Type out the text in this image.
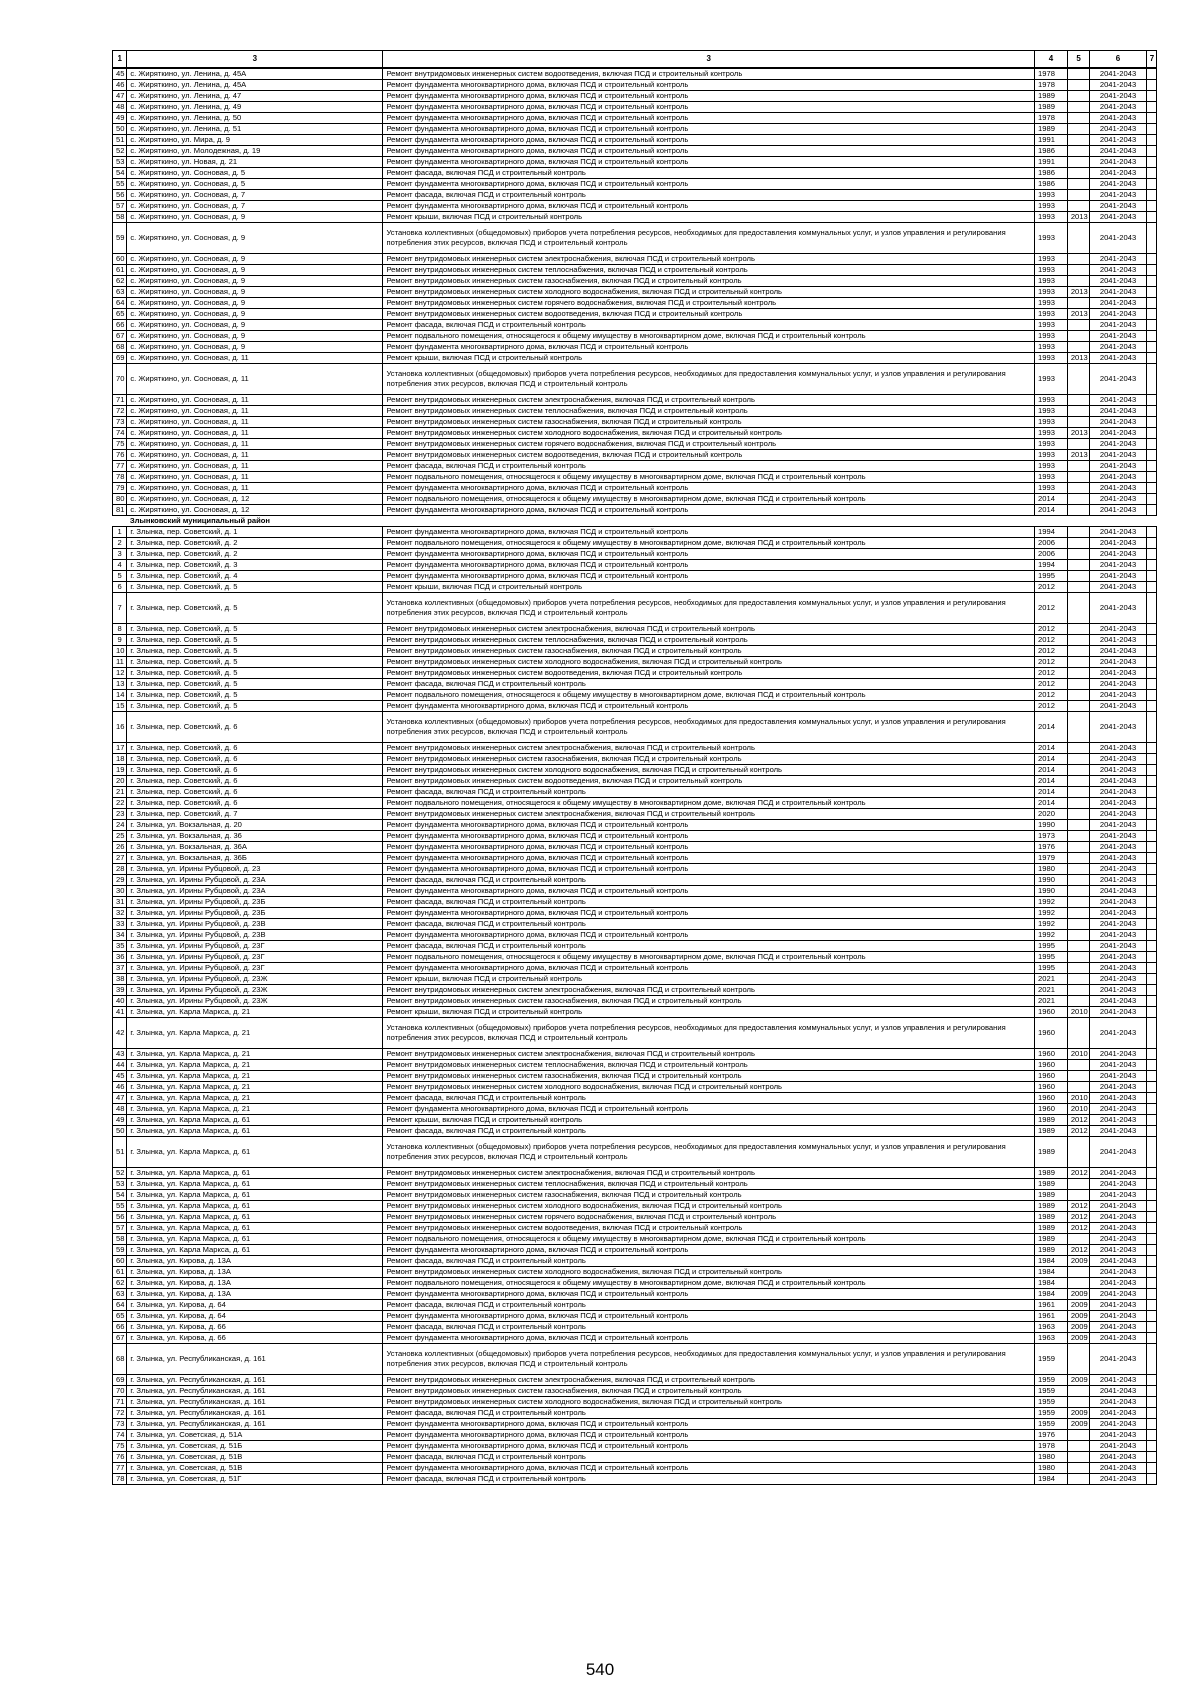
1	3	3	4	5	6	7
45	с. Жиряткино, ул. Ленина, д. 45А	Ремонт внутридомовых инженерных систем водоотведения, включая ПСД и строительный контроль	1978		2041-2043	
46	с. Жиряткино, ул. Ленина, д. 45А	Ремонт фундамента многоквартирного дома, включая ПСД и строительный контроль	1978		2041-2043	
47	с. Жиряткино, ул. Ленина, д. 47	Ремонт фундамента многоквартирного дома, включая ПСД и строительный контроль	1989		2041-2043	
48	с. Жиряткино, ул. Ленина, д. 49	Ремонт фундамента многоквартирного дома, включая ПСД и строительный контроль	1989		2041-2043	
49	с. Жиряткино, ул. Ленина, д. 50	Ремонт фундамента многоквартирного дома, включая ПСД и строительный контроль	1978		2041-2043	
50	с. Жиряткино, ул. Ленина, д. 51	Ремонт фундамента многоквартирного дома, включая ПСД и строительный контроль	1989		2041-2043	
51	с. Жиряткино, ул. Мира, д. 9	Ремонт фундамента многоквартирного дома, включая ПСД и строительный контроль	1991		2041-2043	
52	с. Жиряткино, ул. Молодежная, д. 19	Ремонт фундамента многоквартирного дома, включая ПСД и строительный контроль	1986		2041-2043	
53	с. Жиряткино, ул. Новая, д. 21	Ремонт фундамента многоквартирного дома, включая ПСД и строительный контроль	1991		2041-2043	
54	с. Жиряткино, ул. Сосновая, д. 5	Ремонт фасада, включая ПСД и строительный контроль	1986		2041-2043	
55	с. Жиряткино, ул. Сосновая, д. 5	Ремонт фундамента многоквартирного дома, включая ПСД и строительный контроль	1986		2041-2043	
56	с. Жиряткино, ул. Сосновая, д. 7	Ремонт фасада, включая ПСД и строительный контроль	1993		2041-2043	
57	с. Жиряткино, ул. Сосновая, д. 7	Ремонт фундамента многоквартирного дома, включая ПСД и строительный контроль	1993		2041-2043	
58	с. Жиряткино, ул. Сосновая, д. 9	Ремонт крыши, включая ПСД и строительный контроль	1993	2013	2041-2043	
59	с. Жиряткино, ул. Сосновая, д. 9	Установка коллективных (общедомовых) приборов учета потребления ресурсов, необходимых для предоставления коммунальных услуг, и узлов управления и регулирования потребления этих ресурсов, включая ПСД и строительный контроль	1993		2041-2043	
60	с. Жиряткино, ул. Сосновая, д. 9	Ремонт внутридомовых инженерных систем электроснабжения, включая ПСД и строительный контроль	1993		2041-2043	
61	с. Жиряткино, ул. Сосновая, д. 9	Ремонт внутридомовых инженерных систем теплоснабжения, включая ПСД и строительный контроль	1993		2041-2043	
62	с. Жиряткино, ул. Сосновая, д. 9	Ремонт внутридомовых инженерных систем газоснабжения, включая ПСД и строительный контроль	1993		2041-2043	
63	с. Жиряткино, ул. Сосновая, д. 9	Ремонт внутридомовых инженерных систем холодного водоснабжения, включая ПСД и строительный контроль	1993	2013	2041-2043	
64	с. Жиряткино, ул. Сосновая, д. 9	Ремонт внутридомовых инженерных систем горячего водоснабжения, включая ПСД и строительный контроль	1993		2041-2043	
65	с. Жиряткино, ул. Сосновая, д. 9	Ремонт внутридомовых инженерных систем водоотведения, включая ПСД и строительный контроль	1993	2013	2041-2043	
66	с. Жиряткино, ул. Сосновая, д. 9	Ремонт фасада, включая ПСД и строительный контроль	1993		2041-2043	
67	с. Жиряткино, ул. Сосновая, д. 9	Ремонт подвального помещения, относящегося к общему имуществу в многоквартирном доме, включая ПСД и строительный контроль	1993		2041-2043	
68	с. Жиряткино, ул. Сосновая, д. 9	Ремонт фундамента многоквартирного дома, включая ПСД и строительный контроль	1993		2041-2043	
69	с. Жиряткино, ул. Сосновая, д. 11	Ремонт крыши, включая ПСД и строительный контроль	1993	2013	2041-2043	
70	с. Жиряткино, ул. Сосновая, д. 11	Установка коллективных (общедомовых) приборов учета потребления ресурсов, необходимых для предоставления коммунальных услуг, и узлов управления и регулирования потребления этих ресурсов, включая ПСД и строительный контроль	1993		2041-2043	
71	с. Жиряткино, ул. Сосновая, д. 11	Ремонт внутридомовых инженерных систем электроснабжения, включая ПСД и строительный контроль	1993		2041-2043	
72	с. Жиряткино, ул. Сосновая, д. 11	Ремонт внутридомовых инженерных систем теплоснабжения, включая ПСД и строительный контроль	1993		2041-2043	
73	с. Жиряткино, ул. Сосновая, д. 11	Ремонт внутридомовых инженерных систем газоснабжения, включая ПСД и строительный контроль	1993		2041-2043	
74	с. Жиряткино, ул. Сосновая, д. 11	Ремонт внутридомовых инженерных систем холодного водоснабжения, включая ПСД и строительный контроль	1993	2013	2041-2043	
75	с. Жиряткино, ул. Сосновая, д. 11	Ремонт внутридомовых инженерных систем горячего водоснабжения, включая ПСД и строительный контроль	1993		2041-2043	
76	с. Жиряткино, ул. Сосновая, д. 11	Ремонт внутридомовых инженерных систем водоотведения, включая ПСД и строительный контроль	1993	2013	2041-2043	
77	с. Жиряткино, ул. Сосновая, д. 11	Ремонт фасада, включая ПСД и строительный контроль	1993		2041-2043	
78	с. Жиряткино, ул. Сосновая, д. 11	Ремонт подвального помещения, относящегося к общему имуществу в многоквартирном доме, включая ПСД и строительный контроль	1993		2041-2043	
79	с. Жиряткино, ул. Сосновая, д. 11	Ремонт фундамента многоквартирного дома, включая ПСД и строительный контроль	1993		2041-2043	
80	с. Жиряткино, ул. Сосновая, д. 12	Ремонт подвального помещения, относящегося к общему имуществу в многоквартирном доме, включая ПСД и строительный контроль	2014		2041-2043	
81	с. Жиряткино, ул. Сосновая, д. 12	Ремонт фундамента многоквартирного дома, включая ПСД и строительный контроль	2014		2041-2043	
	Злынковский муниципальный район					
1	г. Злынка, пер. Советский, д. 1	Ремонт фундамента многоквартирного дома, включая ПСД и строительный контроль	1994		2041-2043	
2	г. Злынка, пер. Советский, д. 2	Ремонт подвального помещения, относящегося к общему имуществу в многоквартирном доме, включая ПСД и строительный контроль	2006		2041-2043	
3	г. Злынка, пер. Советский, д. 2	Ремонт фундамента многоквартирного дома, включая ПСД и строительный контроль	2006		2041-2043	
4	г. Злынка, пер. Советский, д. 3	Ремонт фундамента многоквартирного дома, включая ПСД и строительный контроль	1994		2041-2043	
5	г. Злынка, пер. Советский, д. 4	Ремонт фундамента многоквартирного дома, включая ПСД и строительный контроль	1995		2041-2043	
6	г. Злынка, пер. Советский, д. 5	Ремонт крыши, включая ПСД и строительный контроль	2012		2041-2043	
7	г. Злынка, пер. Советский, д. 5	Установка коллективных (общедомовых) приборов учета потребления ресурсов, необходимых для предоставления коммунальных услуг, и узлов управления и регулирования потребления этих ресурсов, включая ПСД и строительный контроль	2012		2041-2043	
8	г. Злынка, пер. Советский, д. 5	Ремонт внутридомовых инженерных систем электроснабжения, включая ПСД и строительный контроль	2012		2041-2043	
9	г. Злынка, пер. Советский, д. 5	Ремонт внутридомовых инженерных систем теплоснабжения, включая ПСД и строительный контроль	2012		2041-2043	
10	г. Злынка, пер. Советский, д. 5	Ремонт внутридомовых инженерных систем газоснабжения, включая ПСД и строительный контроль	2012		2041-2043	
11	г. Злынка, пер. Советский, д. 5	Ремонт внутридомовых инженерных систем холодного водоснабжения, включая ПСД и строительный контроль	2012		2041-2043	
12	г. Злынка, пер. Советский, д. 5	Ремонт внутридомовых инженерных систем водоотведения, включая ПСД и строительный контроль	2012		2041-2043	
13	г. Злынка, пер. Советский, д. 5	Ремонт фасада, включая ПСД и строительный контроль	2012		2041-2043	
14	г. Злынка, пер. Советский, д. 5	Ремонт подвального помещения, относящегося к общему имуществу в многоквартирном доме, включая ПСД и строительный контроль	2012		2041-2043	
15	г. Злынка, пер. Советский, д. 5	Ремонт фундамента многоквартирного дома, включая ПСД и строительный контроль	2012		2041-2043	
16	г. Злынка, пер. Советский, д. 6	Установка коллективных (общедомовых) приборов учета потребления ресурсов, необходимых для предоставления коммунальных услуг, и узлов управления и регулирования потребления этих ресурсов, включая ПСД и строительный контроль	2014		2041-2043	
17	г. Злынка, пер. Советский, д. 6	Ремонт внутридомовых инженерных систем электроснабжения, включая ПСД и строительный контроль	2014		2041-2043	
18	г. Злынка, пер. Советский, д. 6	Ремонт внутридомовых инженерных систем газоснабжения, включая ПСД и строительный контроль	2014		2041-2043	
19	г. Злынка, пер. Советский, д. 6	Ремонт внутридомовых инженерных систем холодного водоснабжения, включая ПСД и строительный контроль	2014		2041-2043	
20	г. Злынка, пер. Советский, д. 6	Ремонт внутридомовых инженерных систем водоотведения, включая ПСД и строительный контроль	2014		2041-2043	
21	г. Злынка, пер. Советский, д. 6	Ремонт фасада, включая ПСД и строительный контроль	2014		2041-2043	
22	г. Злынка, пер. Советский, д. 6	Ремонт подвального помещения, относящегося к общему имуществу в многоквартирном доме, включая ПСД и строительный контроль	2014		2041-2043	
23	г. Злынка, пер. Советский, д. 7	Ремонт внутридомовых инженерных систем электроснабжения, включая ПСД и строительный контроль	2020		2041-2043	
24	г. Злынка, ул. Вокзальная, д. 20	Ремонт фундамента многоквартирного дома, включая ПСД и строительный контроль	1990		2041-2043	
25	г. Злынка, ул. Вокзальная, д. 36	Ремонт фундамента многоквартирного дома, включая ПСД и строительный контроль	1973		2041-2043	
26	г. Злынка, ул. Вокзальная, д. 36А	Ремонт фундамента многоквартирного дома, включая ПСД и строительный контроль	1976		2041-2043	
27	г. Злынка, ул. Вокзальная, д. 36Б	Ремонт фундамента многоквартирного дома, включая ПСД и строительный контроль	1979		2041-2043	
28	г. Злынка, ул. Ирины Рубцовой, д. 23	Ремонт фундамента многоквартирного дома, включая ПСД и строительный контроль	1980		2041-2043	
29	г. Злынка, ул. Ирины Рубцовой, д. 23А	Ремонт фасада, включая ПСД и строительный контроль	1990		2041-2043	
30	г. Злынка, ул. Ирины Рубцовой, д. 23А	Ремонт фундамента многоквартирного дома, включая ПСД и строительный контроль	1990		2041-2043	
31	г. Злынка, ул. Ирины Рубцовой, д. 23Б	Ремонт фасада, включая ПСД и строительный контроль	1992		2041-2043	
32	г. Злынка, ул. Ирины Рубцовой, д. 23Б	Ремонт фундамента многоквартирного дома, включая ПСД и строительный контроль	1992		2041-2043	
33	г. Злынка, ул. Ирины Рубцовой, д. 23В	Ремонт фасада, включая ПСД и строительный контроль	1992		2041-2043	
34	г. Злынка, ул. Ирины Рубцовой, д. 23В	Ремонт фундамента многоквартирного дома, включая ПСД и строительный контроль	1992		2041-2043	
35	г. Злынка, ул. Ирины Рубцовой, д. 23Г	Ремонт фасада, включая ПСД и строительный контроль	1995		2041-2043	
36	г. Злынка, ул. Ирины Рубцовой, д. 23Г	Ремонт подвального помещения, относящегося к общему имуществу в многоквартирном доме, включая ПСД и строительный контроль	1995		2041-2043	
37	г. Злынка, ул. Ирины Рубцовой, д. 23Г	Ремонт фундамента многоквартирного дома, включая ПСД и строительный контроль	1995		2041-2043	
38	г. Злынка, ул. Ирины Рубцовой, д. 23Ж	Ремонт крыши, включая ПСД и строительный контроль	2021		2041-2043	
39	г. Злынка, ул. Ирины Рубцовой, д. 23Ж	Ремонт внутридомовых инженерных систем электроснабжения, включая ПСД и строительный контроль	2021		2041-2043	
40	г. Злынка, ул. Ирины Рубцовой, д. 23Ж	Ремонт внутридомовых инженерных систем газоснабжения, включая ПСД и строительный контроль	2021		2041-2043	
41	г. Злынка, ул. Карла Маркса, д. 21	Ремонт крыши, включая ПСД и строительный контроль	1960	2010	2041-2043	
42	г. Злынка, ул. Карла Маркса, д. 21	Установка коллективных (общедомовых) приборов учета потребления ресурсов, необходимых для предоставления коммунальных услуг, и узлов управления и регулирования потребления этих ресурсов, включая ПСД и строительный контроль	1960		2041-2043	
43	г. Злынка, ул. Карла Маркса, д. 21	Ремонт внутридомовых инженерных систем электроснабжения, включая ПСД и строительный контроль	1960	2010	2041-2043	
44	г. Злынка, ул. Карла Маркса, д. 21	Ремонт внутридомовых инженерных систем теплоснабжения, включая ПСД и строительный контроль	1960		2041-2043	
45	г. Злынка, ул. Карла Маркса, д. 21	Ремонт внутридомовых инженерных систем газоснабжения, включая ПСД и строительный контроль	1960		2041-2043	
46	г. Злынка, ул. Карла Маркса, д. 21	Ремонт внутридомовых инженерных систем холодного водоснабжения, включая ПСД и строительный контроль	1960		2041-2043	
47	г. Злынка, ул. Карла Маркса, д. 21	Ремонт фасада, включая ПСД и строительный контроль	1960	2010	2041-2043	
48	г. Злынка, ул. Карла Маркса, д. 21	Ремонт фундамента многоквартирного дома, включая ПСД и строительный контроль	1960	2010	2041-2043	
49	г. Злынка, ул. Карла Маркса, д. 61	Ремонт крыши, включая ПСД и строительный контроль	1989	2012	2041-2043	
50	г. Злынка, ул. Карла Маркса, д. 61	Ремонт фасада, включая ПСД и строительный контроль	1989	2012	2041-2043	
51	г. Злынка, ул. Карла Маркса, д. 61	Установка коллективных (общедомовых) приборов учета потребления ресурсов, необходимых для предоставления коммунальных услуг, и узлов управления и регулирования потребления этих ресурсов, включая ПСД и строительный контроль	1989		2041-2043	
52	г. Злынка, ул. Карла Маркса, д. 61	Ремонт внутридомовых инженерных систем электроснабжения, включая ПСД и строительный контроль	1989	2012	2041-2043	
53	г. Злынка, ул. Карла Маркса, д. 61	Ремонт внутридомовых инженерных систем теплоснабжения, включая ПСД и строительный контроль	1989		2041-2043	
54	г. Злынка, ул. Карла Маркса, д. 61	Ремонт внутридомовых инженерных систем газоснабжения, включая ПСД и строительный контроль	1989		2041-2043	
55	г. Злынка, ул. Карла Маркса, д. 61	Ремонт внутридомовых инженерных систем холодного водоснабжения, включая ПСД и строительный контроль	1989	2012	2041-2043	
56	г. Злынка, ул. Карла Маркса, д. 61	Ремонт внутридомовых инженерных систем горячего водоснабжения, включая ПСД и строительный контроль	1989	2012	2041-2043	
57	г. Злынка, ул. Карла Маркса, д. 61	Ремонт внутридомовых инженерных систем водоотведения, включая ПСД и строительный контроль	1989	2012	2041-2043	
58	г. Злынка, ул. Карла Маркса, д. 61	Ремонт подвального помещения, относящегося к общему имуществу в многоквартирном доме, включая ПСД и строительный контроль	1989		2041-2043	
59	г. Злынка, ул. Карла Маркса, д. 61	Ремонт фундамента многоквартирного дома, включая ПСД и строительный контроль	1989	2012	2041-2043	
60	г. Злынка, ул. Кирова, д. 13А	Ремонт фасада, включая ПСД и строительный контроль	1984	2009	2041-2043	
61	г. Злынка, ул. Кирова, д. 13А	Ремонт внутридомовых инженерных систем холодного водоснабжения, включая ПСД и строительный контроль	1984		2041-2043	
62	г. Злынка, ул. Кирова, д. 13А	Ремонт подвального помещения, относящегося к общему имуществу в многоквартирном доме, включая ПСД и строительный контроль	1984		2041-2043	
63	г. Злынка, ул. Кирова, д. 13А	Ремонт фундамента многоквартирного дома, включая ПСД и строительный контроль	1984	2009	2041-2043	
64	г. Злынка, ул. Кирова, д. 64	Ремонт фасада, включая ПСД и строительный контроль	1961	2009	2041-2043	
65	г. Злынка, ул. Кирова, д. 64	Ремонт фундамента многоквартирного дома, включая ПСД и строительный контроль	1961	2009	2041-2043	
66	г. Злынка, ул. Кирова, д. 66	Ремонт фасада, включая ПСД и строительный контроль	1963	2009	2041-2043	
67	г. Злынка, ул. Кирова, д. 66	Ремонт фундамента многоквартирного дома, включая ПСД и строительный контроль	1963	2009	2041-2043	
68	г. Злынка, ул. Республиканская, д. 161	Установка коллективных (общедомовых) приборов учета потребления ресурсов, необходимых для предоставления коммунальных услуг, и узлов управления и регулирования потребления этих ресурсов, включая ПСД и строительный контроль	1959		2041-2043	
69	г. Злынка, ул. Республиканская, д. 161	Ремонт внутридомовых инженерных систем электроснабжения, включая ПСД и строительный контроль	1959	2009	2041-2043	
70	г. Злынка, ул. Республиканская, д. 161	Ремонт внутридомовых инженерных систем газоснабжения, включая ПСД и строительный контроль	1959		2041-2043	
71	г. Злынка, ул. Республиканская, д. 161	Ремонт внутридомовых инженерных систем холодного водоснабжения, включая ПСД и строительный контроль	1959		2041-2043	
72	г. Злынка, ул. Республиканская, д. 161	Ремонт фасада, включая ПСД и строительный контроль	1959	2009	2041-2043	
73	г. Злынка, ул. Республиканская, д. 161	Ремонт фундамента многоквартирного дома, включая ПСД и строительный контроль	1959	2009	2041-2043	
74	г. Злынка, ул. Советская, д. 51А	Ремонт фундамента многоквартирного дома, включая ПСД и строительный контроль	1976		2041-2043	
75	г. Злынка, ул. Советская, д. 51Б	Ремонт фундамента многоквартирного дома, включая ПСД и строительный контроль	1978		2041-2043	
76	г. Злынка, ул. Советская, д. 51В	Ремонт фасада, включая ПСД и строительный контроль	1980		2041-2043	
77	г. Злынка, ул. Советская, д. 51В	Ремонт фундамента многоквартирного дома, включая ПСД и строительный контроль	1980		2041-2043	
78	г. Злынка, ул. Советская, д. 51Г	Ремонт фасада, включая ПСД и строительный контроль	1984		2041-2043	
540
